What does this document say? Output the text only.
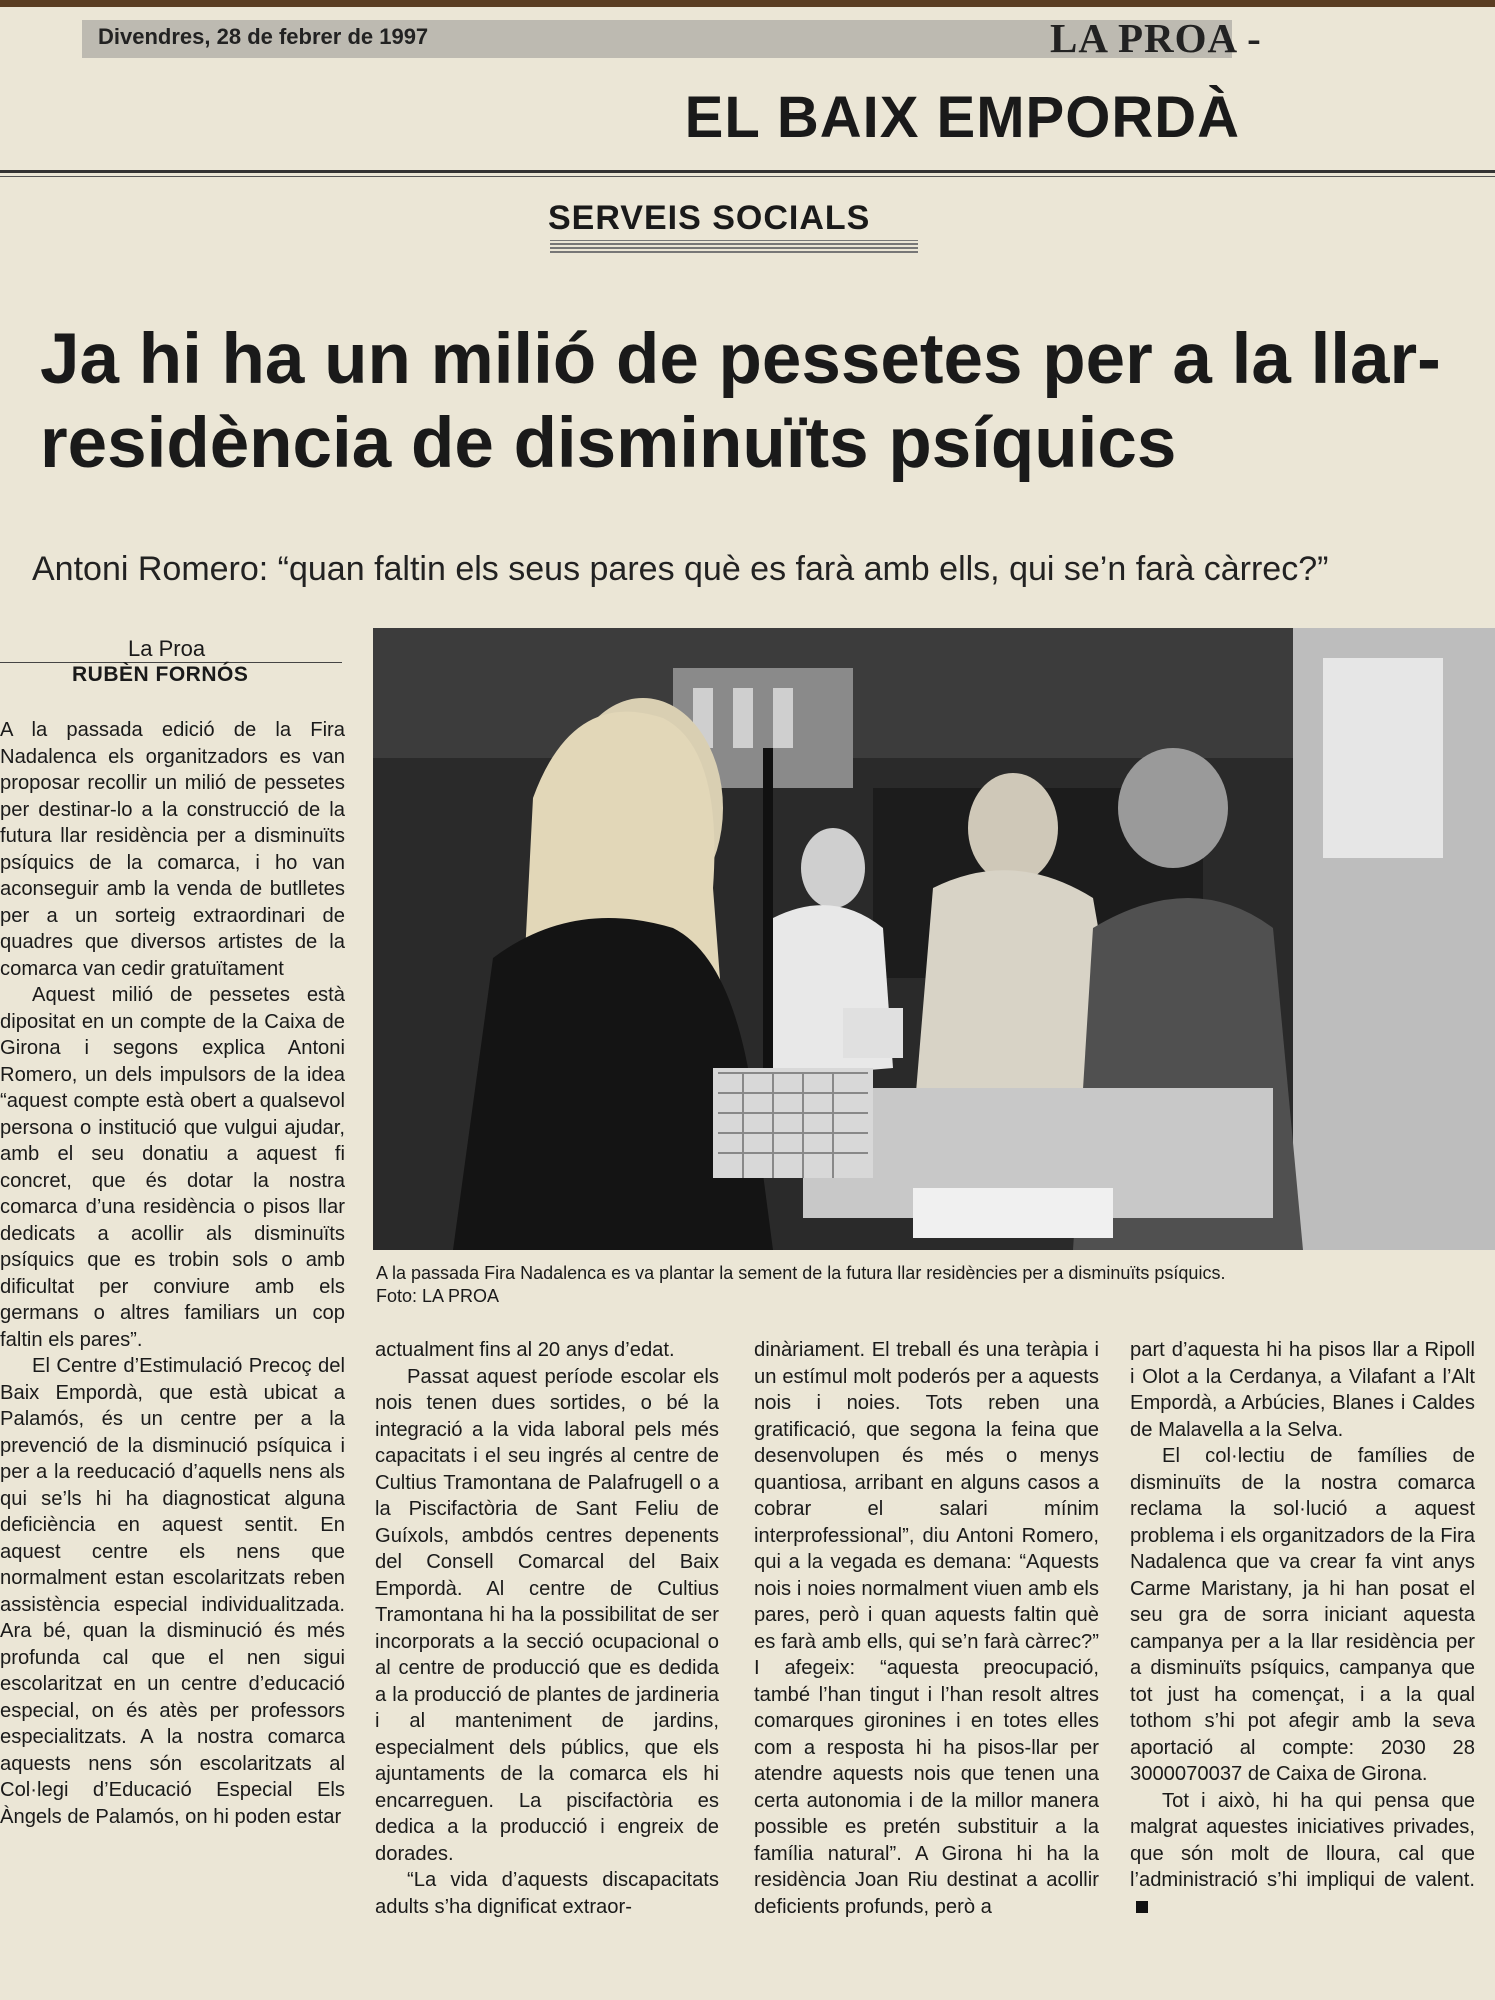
Divendres, 28 de febrer de 1997	LA PROA -
EL BAIX EMPORDÀ
SERVEIS SOCIALS
Ja hi ha un milió de pessetes per a la llar-residència de disminuïts psíquics
Antoni Romero: “quan faltin els seus pares què es farà amb ells, qui se’n farà càrrec?”
La Proa
RUBÈN FORNÓS
A la passada Fira Nadalenca es va plantar la sement de la futura llar residències per a disminuïts psíquics.
Foto: LA PROA

A la passada edició de la Fira Nadalenca els organitzadors es van proposar recollir un milió de pessetes per destinar-lo a la construcció de la futura llar residència per a disminuïts psíquics de la comarca, i ho van aconseguir amb la venda de butlletes per a un sorteig extraordinari de quadres que diversos artistes de la comarca van cedir gratuïtament

Aquest milió de pessetes està dipositat en un compte de la Caixa de Girona i segons explica Antoni Romero, un dels impulsors de la idea “aquest compte està obert a qualsevol persona o institució que vulgui ajudar, amb el seu donatiu a aquest fi concret, que és dotar la nostra comarca d’una residència o pisos llar dedicats a acollir als disminuïts psíquics que es trobin sols o amb dificultat per conviure amb els germans o altres familiars un cop faltin els pares”.

El Centre d’Estimulació Precoç del Baix Empordà, que està ubicat a Palamós, és un centre per a la prevenció de la disminució psíquica i per a la reeducació d’aquells nens als qui se’ls hi ha diagnosticat alguna deficiència en aquest sentit. En aquest centre els nens que normalment estan escolaritzats reben assistència especial individualitzada. Ara bé, quan la disminució és més profunda cal que el nen sigui escolaritzat en un centre d’educació especial, on és atès per professors especialitzats. A la nostra comarca aquests nens són escolaritzats al Col·legi d’Educació Especial Els Àngels de Palamós, on hi poden estar

actualment fins al 20 anys d’edat.

Passat aquest període escolar els nois tenen dues sortides, o bé la integració a la vida laboral pels més capacitats i el seu ingrés al centre de Cultius Tramontana de Palafrugell o a la Piscifactòria de Sant Feliu de Guíxols, ambdós centres depenents del Consell Comarcal del Baix Empordà. Al centre de Cultius Tramontana hi ha la possibilitat de ser incorporats a la secció ocupacional o al centre de producció que es dedida a la producció de plantes de jardineria i al manteniment de jardins, especialment dels públics, que els ajuntaments de la comarca els hi encarreguen. La piscifactòria es dedica a la producció i engreix de dorades.

“La vida d’aquests discapacitats adults s’ha dignificat extraor-

dinàriament. El treball és una teràpia i un estímul molt poderós per a aquests nois i noies. Tots reben una gratificació, que segona la feina que desenvolupen és més o menys quantiosa, arribant en alguns casos a cobrar el salari mínim interprofessional”, diu Antoni Romero, qui a la vegada es demana: “Aquests nois i noies normalment viuen amb els pares, però i quan aquests faltin què es farà amb ells, qui se’n farà càrrec?” I afegeix: “aquesta preocupació, també l’han tingut i l’han resolt altres comarques gironines i en totes elles com a resposta hi ha pisos-llar per atendre aquests nois que tenen una certa autonomia i de la millor manera possible es pretén substituir a la família natural”. A Girona hi ha la residència Joan Riu destinat a acollir deficients profunds, però a

part d’aquesta hi ha pisos llar a Ripoll i Olot a la Cerdanya, a Vilafant a l’Alt Empordà, a Arbúcies, Blanes i Caldes de Malavella a la Selva.

El col·lectiu de famílies de disminuïts de la nostra comarca reclama la sol·lució a aquest problema i els organitzadors de la Fira Nadalenca que va crear fa vint anys Carme Maristany, ja hi han posat el seu gra de sorra iniciant aquesta campanya per a la llar residència per a disminuïts psíquics, campanya que tot just ha començat, i a la qual tothom s’hi pot afegir amb la seva aportació al compte: 2030 28 3000070037 de Caixa de Girona.

Tot i això, hi ha qui pensa que malgrat aquestes iniciatives privades, que són molt de lloura, cal que l’administració s’hi impliqui de valent.
